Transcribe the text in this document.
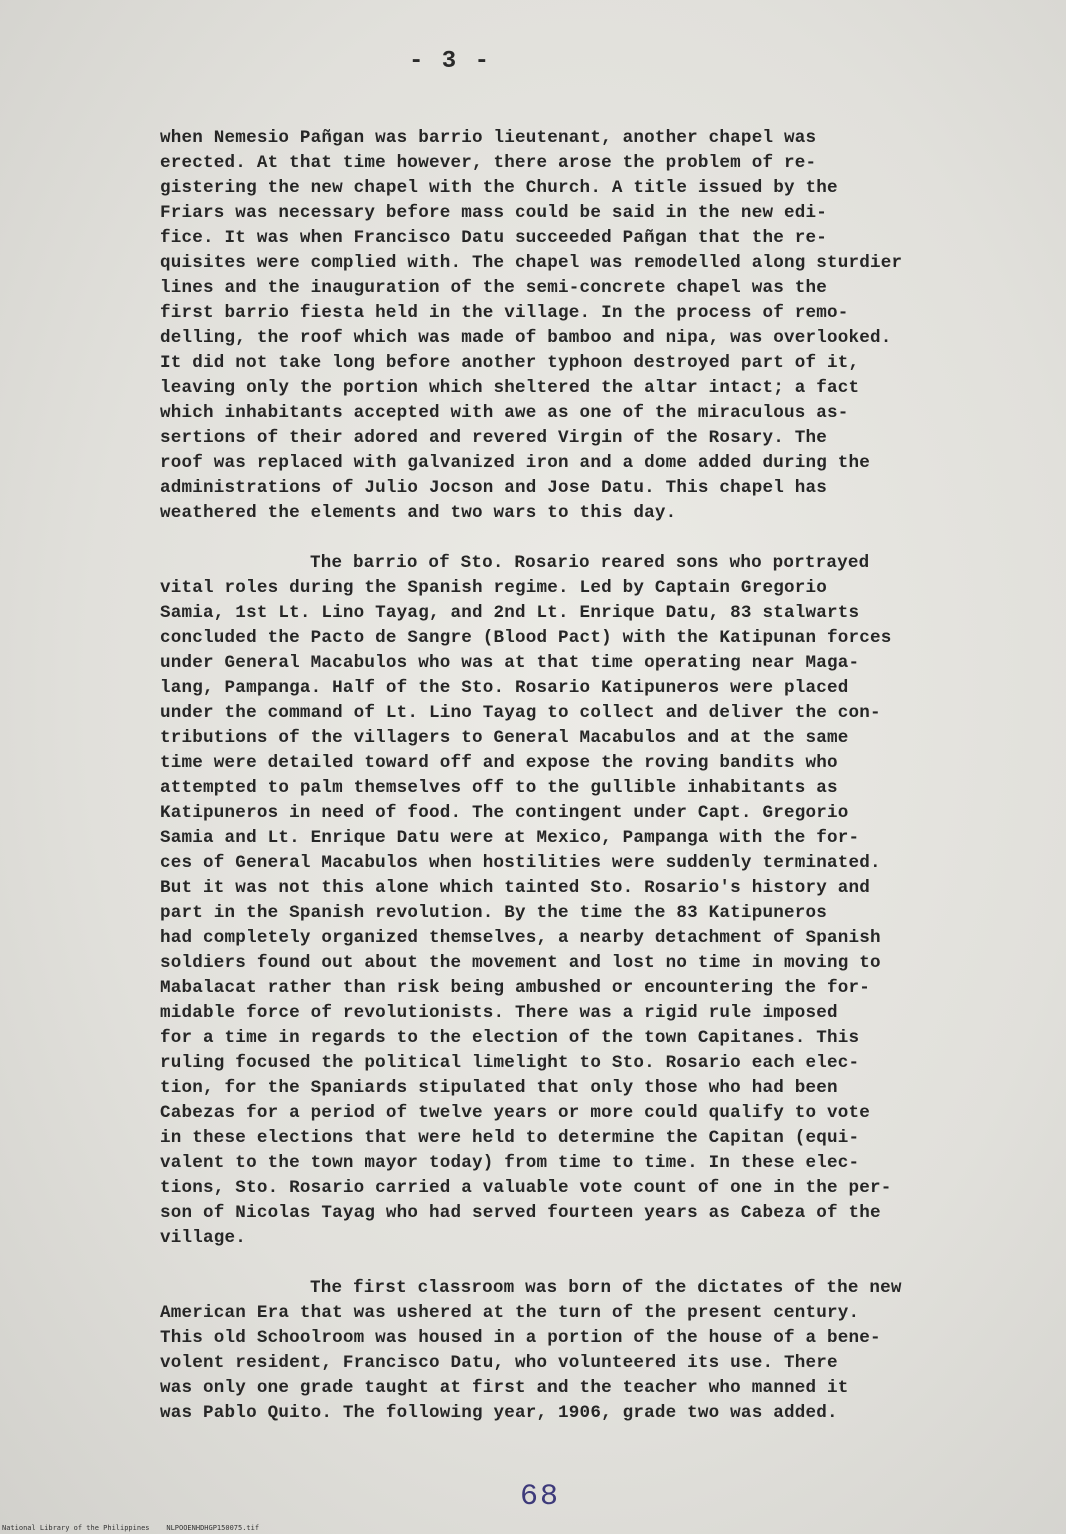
- 3 -
when Nemesio Pañgan was barrio lieutenant, another chapel was
erected. At that time however, there arose the problem of re-
gistering the new chapel with the Church. A title issued by the
Friars was necessary before mass could be said in the new edi-
fice. It was when Francisco Datu succeeded Pañgan that the re-
quisites were complied with. The chapel was remodelled along sturdier
lines and the inauguration of the semi-concrete chapel was the
first barrio fiesta held in the village. In the process of remo-
delling, the roof which was made of bamboo and nipa, was overlooked.
It did not take long before another typhoon destroyed part of it,
leaving only the portion which sheltered the altar intact; a fact
which inhabitants accepted with awe as one of the miraculous as-
sertions of their adored and revered Virgin of the Rosary. The
roof was replaced with galvanized iron and a dome added during the
administrations of Julio Jocson and Jose Datu. This chapel has
weathered the elements and two wars to this day.
The barrio of Sto. Rosario reared sons who portrayed
vital roles during the Spanish regime. Led by Captain Gregorio
Samia, 1st Lt. Lino Tayag, and 2nd Lt. Enrique Datu, 83 stalwarts
concluded the Pacto de Sangre (Blood Pact) with the Katipunan forces
under General Macabulos who was at that time operating near Maga-
lang, Pampanga. Half of the Sto. Rosario Katipuneros were placed
under the command of Lt. Lino Tayag to collect and deliver the con-
tributions of the villagers to General Macabulos and at the same
time were detailed toward off and expose the roving bandits who
attempted to palm themselves off to the gullible inhabitants as
Katipuneros in need of food. The contingent under Capt. Gregorio
Samia and Lt. Enrique Datu were at Mexico, Pampanga with the for-
ces of General Macabulos when hostilities were suddenly terminated.
But it was not this alone which tainted Sto. Rosario's history and
part in the Spanish revolution. By the time the 83 Katipuneros
had completely organized themselves, a nearby detachment of Spanish
soldiers found out about the movement and lost no time in moving to
Mabalacat rather than risk being ambushed or encountering the for-
midable force of revolutionists. There was a rigid rule imposed
for a time in regards to the election of the town Capitanes. This
ruling focused the political limelight to Sto. Rosario each elec-
tion, for the Spaniards stipulated that only those who had been
Cabezas for a period of twelve years or more could qualify to vote
in these elections that were held to determine the Capitan (equi-
valent to the town mayor today) from time to time. In these elec-
tions, Sto. Rosario carried a valuable vote count of one in the per-
son of Nicolas Tayag who had served fourteen years as Cabeza of the
village.
The first classroom was born of the dictates of the new
American Era that was ushered at the turn of the present century.
This old Schoolroom was housed in a portion of the house of a bene-
volent resident, Francisco Datu, who volunteered its use. There
was only one grade taught at first and the teacher who manned it
was Pablo Quito. The following year, 1906, grade two was added.
68
National Library of the Philippines    NLPOOENHDHGP150075.tif
